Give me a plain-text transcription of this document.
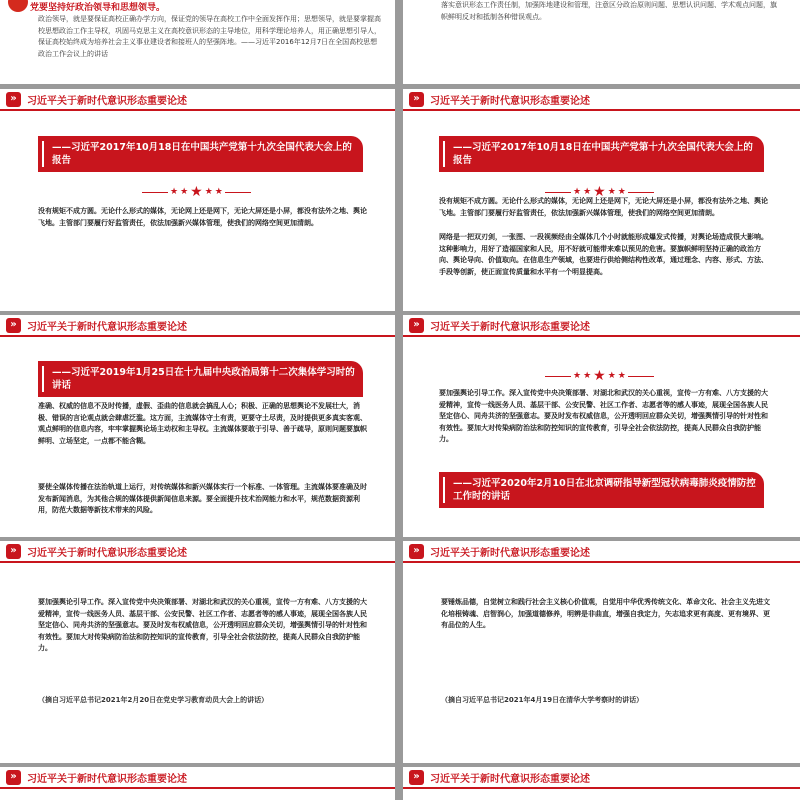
党要坚持好政治领导和思想领导。

政治领导，就是要保证高校正确办学方向，保证党的领导在高校工作中全面发挥作用；思想领导，就是要掌握高校思想政治工作主导权，巩固马克思主义在高校意识形态的主导地位，用科学理论培养人，用正确思想引导人，保证高校始终成为培养社会主义事业建设者和接班人的坚强阵地。——习近平2016年12月7日在全国高校思想政治工作会议上的讲话

落实意识形态工作责任制，加强阵地建设和管理，注意区分政治原则问题、思想认识问题、学术观点问题，旗帜鲜明反对和抵制各种错误观点。

»	习近平关于新时代意识形态重要论述
——习近平2017年10月18日在中国共产党第十九次全国代表大会上的报告
★ ★ ★ ★ ★

没有规矩不成方圆。无论什么形式的媒体，无论网上还是网下，无论大屏还是小屏，都没有法外之地、舆论飞地。主管部门要履行好监管责任，依法加强新兴媒体管理，使我们的网络空间更加清朗。

»	习近平关于新时代意识形态重要论述
——习近平2017年10月18日在中国共产党第十九次全国代表大会上的报告
★ ★ ★ ★ ★

没有规矩不成方圆。无论什么形式的媒体，无论网上还是网下，无论大屏还是小屏，都没有法外之地、舆论飞地。主管部门要履行好监管责任，依法加强新兴媒体管理，使我们的网络空间更加清朗。

网络是一把双刃剑，一张图、一段视频经由全媒体几个小时就能形成爆发式传播，对舆论场造成很大影响。这种影响力，用好了造福国家和人民，用不好就可能带来难以预见的危害。要旗帜鲜明坚持正确的政治方向、舆论导向、价值取向。在信息生产领域，也要进行供给侧结构性改革，通过理念、内容、形式、方法、手段等创新，使正面宣传质量和水平有一个明显提高。

»	习近平关于新时代意识形态重要论述
——习近平2019年1月25日在十九届中央政治局第十二次集体学习时的讲话

准确、权威的信息不及时传播，虚假、歪曲的信息就会搞乱人心；积极、正确的思想舆论不发展壮大，消极、错误的言论观点就会肆虐泛滥。这方面，主流媒体守土有责，更要守土尽责，及时提供更多真实客观、观点鲜明的信息内容，牢牢掌握舆论场主动权和主导权。主流媒体要敢于引导、善于疏导，原则问题要旗帜鲜明、立场坚定，一点都不能含糊。

要使全媒体传播在法治轨道上运行，对传统媒体和新兴媒体实行一个标准、一体管理。主流媒体要准确及时发布新闻消息，为其他合规的媒体提供新闻信息来源。要全面提升技术治网能力和水平，规范数据资源利用，防范大数据等新技术带来的风险。

»	习近平关于新时代意识形态重要论述
★ ★ ★ ★ ★

要加强舆论引导工作。深入宣传党中央决策部署、对湖北和武汉的关心重视，宣传一方有难、八方支援的大爱精神，宣传一线医务人员、基层干部、公安民警、社区工作者、志愿者等的感人事迹，展现全国各族人民坚定信心、同舟共济的坚强意志。要及时发布权威信息，公开透明回应群众关切，增强舆情引导的针对性和有效性。要加大对传染病防治法和防控知识的宣传教育，引导全社会依法防控，提高人民群众自我防护能力。

——习近平2020年2月10日在北京调研指导新型冠状病毒肺炎疫情防控工作时的讲话
»	习近平关于新时代意识形态重要论述

要加强舆论引导工作。深入宣传党中央决策部署、对湖北和武汉的关心重视，宣传一方有难、八方支援的大爱精神，宣传一线医务人员、基层干部、公安民警、社区工作者、志愿者等的感人事迹，展现全国各族人民坚定信心、同舟共济的坚强意志。要及时发布权威信息，公开透明回应群众关切，增强舆情引导的针对性和有效性。要加大对传染病防治法和防控知识的宣传教育，引导全社会依法防控，提高人民群众自我防护能力。

（摘自习近平总书记2021年2月20日在党史学习教育动员大会上的讲话）
»	习近平关于新时代意识形态重要论述

要锤炼品德，自觉树立和践行社会主义核心价值观，自觉用中华优秀传统文化、革命文化、社会主义先进文化培根铸魂、启智润心，加强道德修养，明辨是非曲直，增强自我定力，矢志追求更有高度、更有境界、更有品位的人生。

（摘自习近平总书记2021年4月19日在清华大学考察时的讲话）
»	习近平关于新时代意识形态重要论述	»	习近平关于新时代意识形态重要论述
